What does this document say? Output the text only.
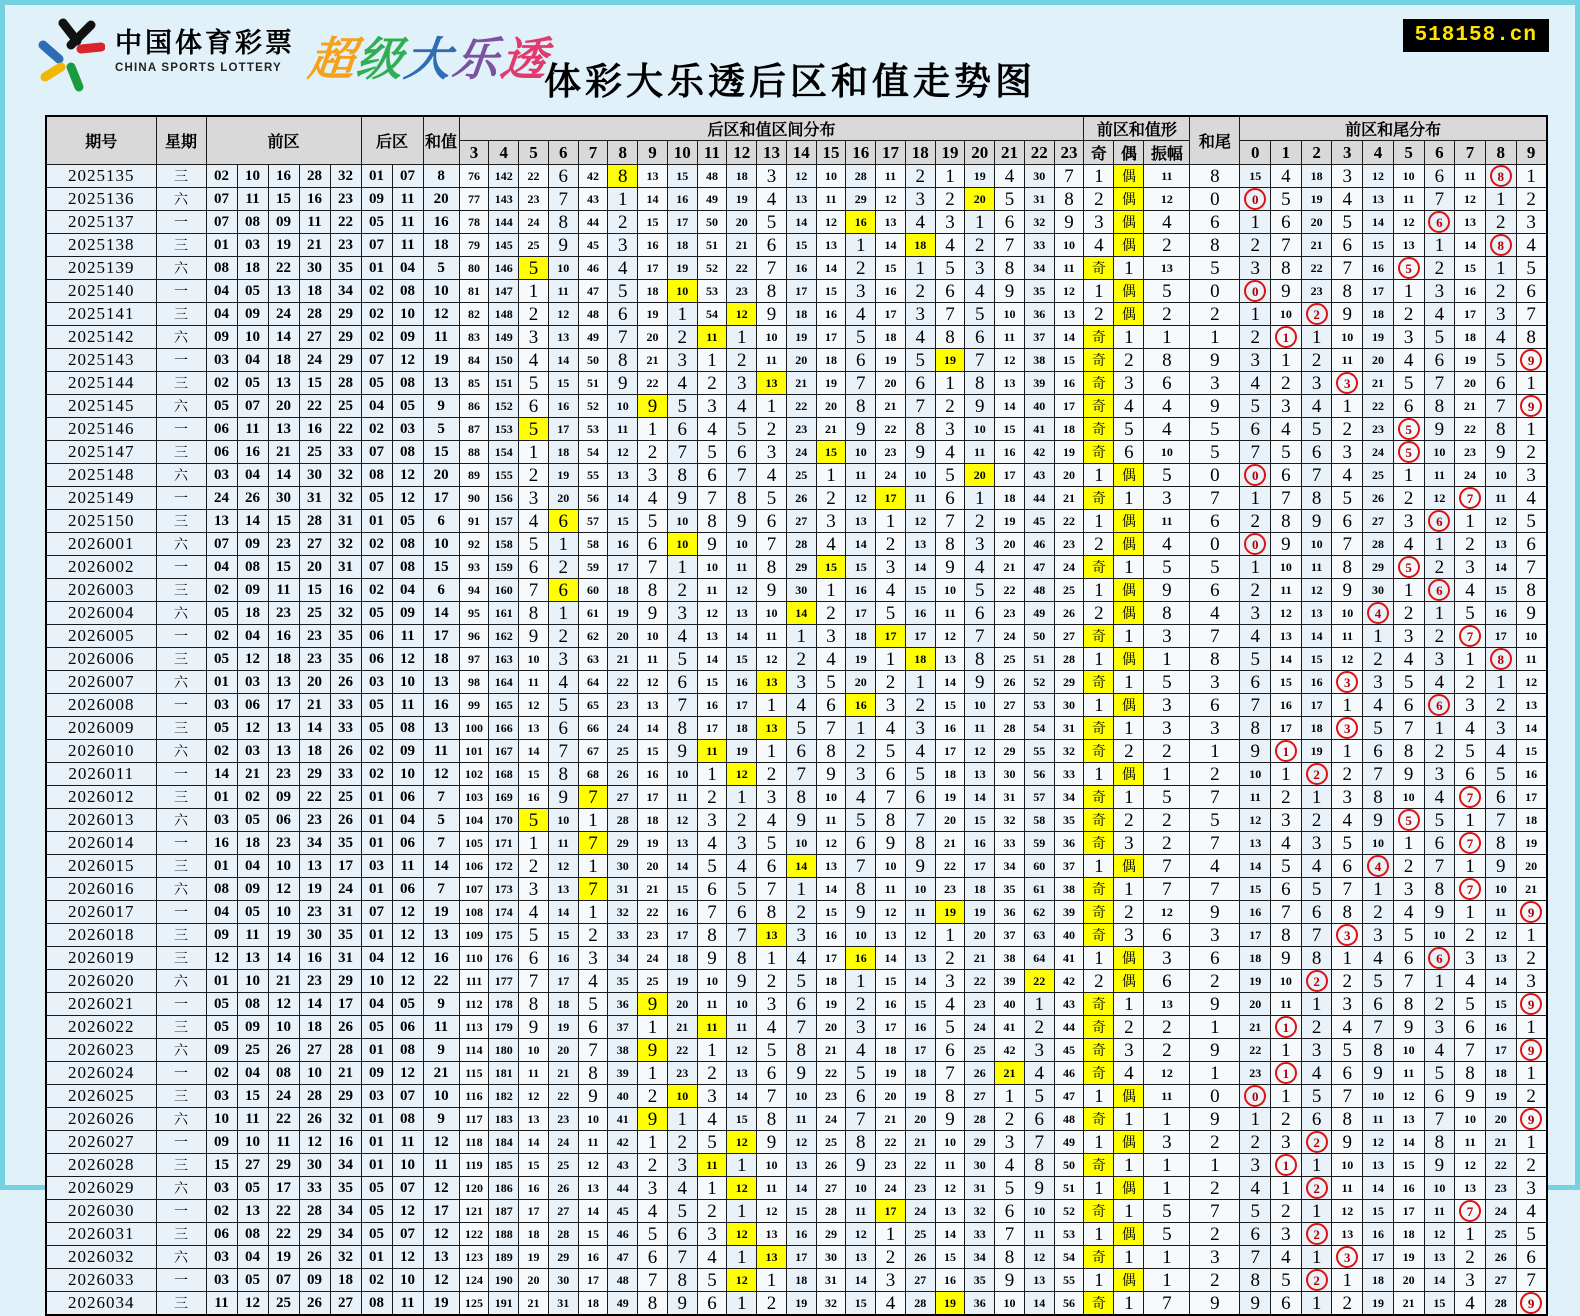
中国体育彩票
CHINA SPORTS LOTTERY 超级大乐透
体彩大乐透后区和值走势图
518158.cn
期号	星期	前区					后区		和值	后区和值区间分布																					前区和值形			和尾	前区和尾分布									
										3	4	5	6	7	8	9	10	11	12	13	14	15	16	17	18	19	20	21	22	23	奇	偶	振幅		0	1	2	3	4	5	6	7	8	9
2025135	三	02	10	16	28	32	01	07	8	76	142	22	6	42	8	13	15	48	18	3	12	10	28	11	2	1	19	4	30	7	1	偶	11	8	15	4	18	3	12	10	6	11	8	1
2025136	六	07	11	15	16	23	09	11	20	77	143	23	7	43	1	14	16	49	19	4	13	11	29	12	3	2	20	5	31	8	2	偶	12	0	0	5	19	4	13	11	7	12	1	2
2025137	一	07	08	09	11	22	05	11	16	78	144	24	8	44	2	15	17	50	20	5	14	12	16	13	4	3	1	6	32	9	3	偶	4	6	1	6	20	5	14	12	6	13	2	3
2025138	三	01	03	19	21	23	07	11	18	79	145	25	9	45	3	16	18	51	21	6	15	13	1	14	18	4	2	7	33	10	4	偶	2	8	2	7	21	6	15	13	1	14	8	4
2025139	六	08	18	22	30	35	01	04	5	80	146	5	10	46	4	17	19	52	22	7	16	14	2	15	1	5	3	8	34	11	奇	1	13	5	3	8	22	7	16	5	2	15	1	5
2025140	一	04	05	13	18	34	02	08	10	81	147	1	11	47	5	18	10	53	23	8	17	15	3	16	2	6	4	9	35	12	1	偶	5	0	0	9	23	8	17	1	3	16	2	6
2025141	三	04	09	24	28	29	02	10	12	82	148	2	12	48	6	19	1	54	12	9	18	16	4	17	3	7	5	10	36	13	2	偶	2	2	1	10	2	9	18	2	4	17	3	7
2025142	六	09	10	14	27	29	02	09	11	83	149	3	13	49	7	20	2	11	1	10	19	17	5	18	4	8	6	11	37	14	奇	1	1	1	2	1	1	10	19	3	5	18	4	8
2025143	一	03	04	18	24	29	07	12	19	84	150	4	14	50	8	21	3	1	2	11	20	18	6	19	5	19	7	12	38	15	奇	2	8	9	3	1	2	11	20	4	6	19	5	9
2025144	三	02	05	13	15	28	05	08	13	85	151	5	15	51	9	22	4	2	3	13	21	19	7	20	6	1	8	13	39	16	奇	3	6	3	4	2	3	3	21	5	7	20	6	1
2025145	六	05	07	20	22	25	04	05	9	86	152	6	16	52	10	9	5	3	4	1	22	20	8	21	7	2	9	14	40	17	奇	4	4	9	5	3	4	1	22	6	8	21	7	9
2025146	一	06	11	13	16	22	02	03	5	87	153	5	17	53	11	1	6	4	5	2	23	21	9	22	8	3	10	15	41	18	奇	5	4	5	6	4	5	2	23	5	9	22	8	1
2025147	三	06	16	21	25	33	07	08	15	88	154	1	18	54	12	2	7	5	6	3	24	15	10	23	9	4	11	16	42	19	奇	6	10	5	7	5	6	3	24	5	10	23	9	2
2025148	六	03	04	14	30	32	08	12	20	89	155	2	19	55	13	3	8	6	7	4	25	1	11	24	10	5	20	17	43	20	1	偶	5	0	0	6	7	4	25	1	11	24	10	3
2025149	一	24	26	30	31	32	05	12	17	90	156	3	20	56	14	4	9	7	8	5	26	2	12	17	11	6	1	18	44	21	奇	1	3	7	1	7	8	5	26	2	12	7	11	4
2025150	三	13	14	15	28	31	01	05	6	91	157	4	6	57	15	5	10	8	9	6	27	3	13	1	12	7	2	19	45	22	1	偶	11	6	2	8	9	6	27	3	6	1	12	5
2026001	六	07	09	23	27	32	02	08	10	92	158	5	1	58	16	6	10	9	10	7	28	4	14	2	13	8	3	20	46	23	2	偶	4	0	0	9	10	7	28	4	1	2	13	6
2026002	一	04	08	15	20	31	07	08	15	93	159	6	2	59	17	7	1	10	11	8	29	15	15	3	14	9	4	21	47	24	奇	1	5	5	1	10	11	8	29	5	2	3	14	7
2026003	三	02	09	11	15	16	02	04	6	94	160	7	6	60	18	8	2	11	12	9	30	1	16	4	15	10	5	22	48	25	1	偶	9	6	2	11	12	9	30	1	6	4	15	8
2026004	六	05	18	23	25	32	05	09	14	95	161	8	1	61	19	9	3	12	13	10	14	2	17	5	16	11	6	23	49	26	2	偶	8	4	3	12	13	10	4	2	1	5	16	9
2026005	一	02	04	16	23	35	06	11	17	96	162	9	2	62	20	10	4	13	14	11	1	3	18	17	17	12	7	24	50	27	奇	1	3	7	4	13	14	11	1	3	2	7	17	10
2026006	三	05	12	18	23	35	06	12	18	97	163	10	3	63	21	11	5	14	15	12	2	4	19	1	18	13	8	25	51	28	1	偶	1	8	5	14	15	12	2	4	3	1	8	11
2026007	六	01	03	13	20	26	03	10	13	98	164	11	4	64	22	12	6	15	16	13	3	5	20	2	1	14	9	26	52	29	奇	1	5	3	6	15	16	3	3	5	4	2	1	12
2026008	一	03	06	17	21	33	05	11	16	99	165	12	5	65	23	13	7	16	17	1	4	6	16	3	2	15	10	27	53	30	1	偶	3	6	7	16	17	1	4	6	6	3	2	13
2026009	三	05	12	13	14	33	05	08	13	100	166	13	6	66	24	14	8	17	18	13	5	7	1	4	3	16	11	28	54	31	奇	1	3	3	8	17	18	3	5	7	1	4	3	14
2026010	六	02	03	13	18	26	02	09	11	101	167	14	7	67	25	15	9	11	19	1	6	8	2	5	4	17	12	29	55	32	奇	2	2	1	9	1	19	1	6	8	2	5	4	15
2026011	一	14	21	23	29	33	02	10	12	102	168	15	8	68	26	16	10	1	12	2	7	9	3	6	5	18	13	30	56	33	1	偶	1	2	10	1	2	2	7	9	3	6	5	16
2026012	三	01	02	09	22	25	01	06	7	103	169	16	9	7	27	17	11	2	1	3	8	10	4	7	6	19	14	31	57	34	奇	1	5	7	11	2	1	3	8	10	4	7	6	17
2026013	六	03	05	06	23	26	01	04	5	104	170	5	10	1	28	18	12	3	2	4	9	11	5	8	7	20	15	32	58	35	奇	2	2	5	12	3	2	4	9	5	5	1	7	18
2026014	一	16	18	23	34	35	01	06	7	105	171	1	11	7	29	19	13	4	3	5	10	12	6	9	8	21	16	33	59	36	奇	3	2	7	13	4	3	5	10	1	6	7	8	19
2026015	三	01	04	10	13	17	03	11	14	106	172	2	12	1	30	20	14	5	4	6	14	13	7	10	9	22	17	34	60	37	1	偶	7	4	14	5	4	6	4	2	7	1	9	20
2026016	六	08	09	12	19	24	01	06	7	107	173	3	13	7	31	21	15	6	5	7	1	14	8	11	10	23	18	35	61	38	奇	1	7	7	15	6	5	7	1	3	8	7	10	21
2026017	一	04	05	10	23	31	07	12	19	108	174	4	14	1	32	22	16	7	6	8	2	15	9	12	11	19	19	36	62	39	奇	2	12	9	16	7	6	8	2	4	9	1	11	9
2026018	三	09	11	19	30	35	01	12	13	109	175	5	15	2	33	23	17	8	7	13	3	16	10	13	12	1	20	37	63	40	奇	3	6	3	17	8	7	3	3	5	10	2	12	1
2026019	三	12	13	14	16	31	04	12	16	110	176	6	16	3	34	24	18	9	8	1	4	17	16	14	13	2	21	38	64	41	1	偶	3	6	18	9	8	1	4	6	6	3	13	2
2026020	六	01	10	21	23	29	10	12	22	111	177	7	17	4	35	25	19	10	9	2	5	18	1	15	14	3	22	39	22	42	2	偶	6	2	19	10	2	2	5	7	1	4	14	3
2026021	一	05	08	12	14	17	04	05	9	112	178	8	18	5	36	9	20	11	10	3	6	19	2	16	15	4	23	40	1	43	奇	1	13	9	20	11	1	3	6	8	2	5	15	9
2026022	三	05	09	10	18	26	05	06	11	113	179	9	19	6	37	1	21	11	11	4	7	20	3	17	16	5	24	41	2	44	奇	2	2	1	21	1	2	4	7	9	3	6	16	1
2026023	六	09	25	26	27	28	01	08	9	114	180	10	20	7	38	9	22	1	12	5	8	21	4	18	17	6	25	42	3	45	奇	3	2	9	22	1	3	5	8	10	4	7	17	9
2026024	一	02	04	08	10	21	09	12	21	115	181	11	21	8	39	1	23	2	13	6	9	22	5	19	18	7	26	21	4	46	奇	4	12	1	23	1	4	6	9	11	5	8	18	1
2026025	三	03	15	24	28	29	03	07	10	116	182	12	22	9	40	2	10	3	14	7	10	23	6	20	19	8	27	1	5	47	1	偶	11	0	0	1	5	7	10	12	6	9	19	2
2026026	六	10	11	22	26	32	01	08	9	117	183	13	23	10	41	9	1	4	15	8	11	24	7	21	20	9	28	2	6	48	奇	1	1	9	1	2	6	8	11	13	7	10	20	9
2026027	一	09	10	11	12	16	01	11	12	118	184	14	24	11	42	1	2	5	12	9	12	25	8	22	21	10	29	3	7	49	1	偶	3	2	2	3	2	9	12	14	8	11	21	1
2026028	三	15	27	29	30	34	01	10	11	119	185	15	25	12	43	2	3	11	1	10	13	26	9	23	22	11	30	4	8	50	奇	1	1	1	3	1	1	10	13	15	9	12	22	2
2026029	六	03	05	17	33	35	05	07	12	120	186	16	26	13	44	3	4	1	12	11	14	27	10	24	23	12	31	5	9	51	1	偶	1	2	4	1	2	11	14	16	10	13	23	3
2026030	一	02	13	22	28	34	05	12	17	121	187	17	27	14	45	4	5	2	1	12	15	28	11	17	24	13	32	6	10	52	奇	1	5	7	5	2	1	12	15	17	11	7	24	4
2026031	三	06	08	22	29	34	05	07	12	122	188	18	28	15	46	5	6	3	12	13	16	29	12	1	25	14	33	7	11	53	1	偶	5	2	6	3	2	13	16	18	12	1	25	5
2026032	六	03	04	19	26	32	01	12	13	123	189	19	29	16	47	6	7	4	1	13	17	30	13	2	26	15	34	8	12	54	奇	1	1	3	7	4	1	3	17	19	13	2	26	6
2026033	一	03	05	07	09	18	02	10	12	124	190	20	30	17	48	7	8	5	12	1	18	31	14	3	27	16	35	9	13	55	1	偶	1	2	8	5	2	1	18	20	14	3	27	7
2026034	三	11	12	25	26	27	08	11	19	125	191	21	31	18	49	8	9	6	1	2	19	32	15	4	28	19	36	10	14	56	奇	1	7	9	9	6	1	2	19	21	15	4	28	9
